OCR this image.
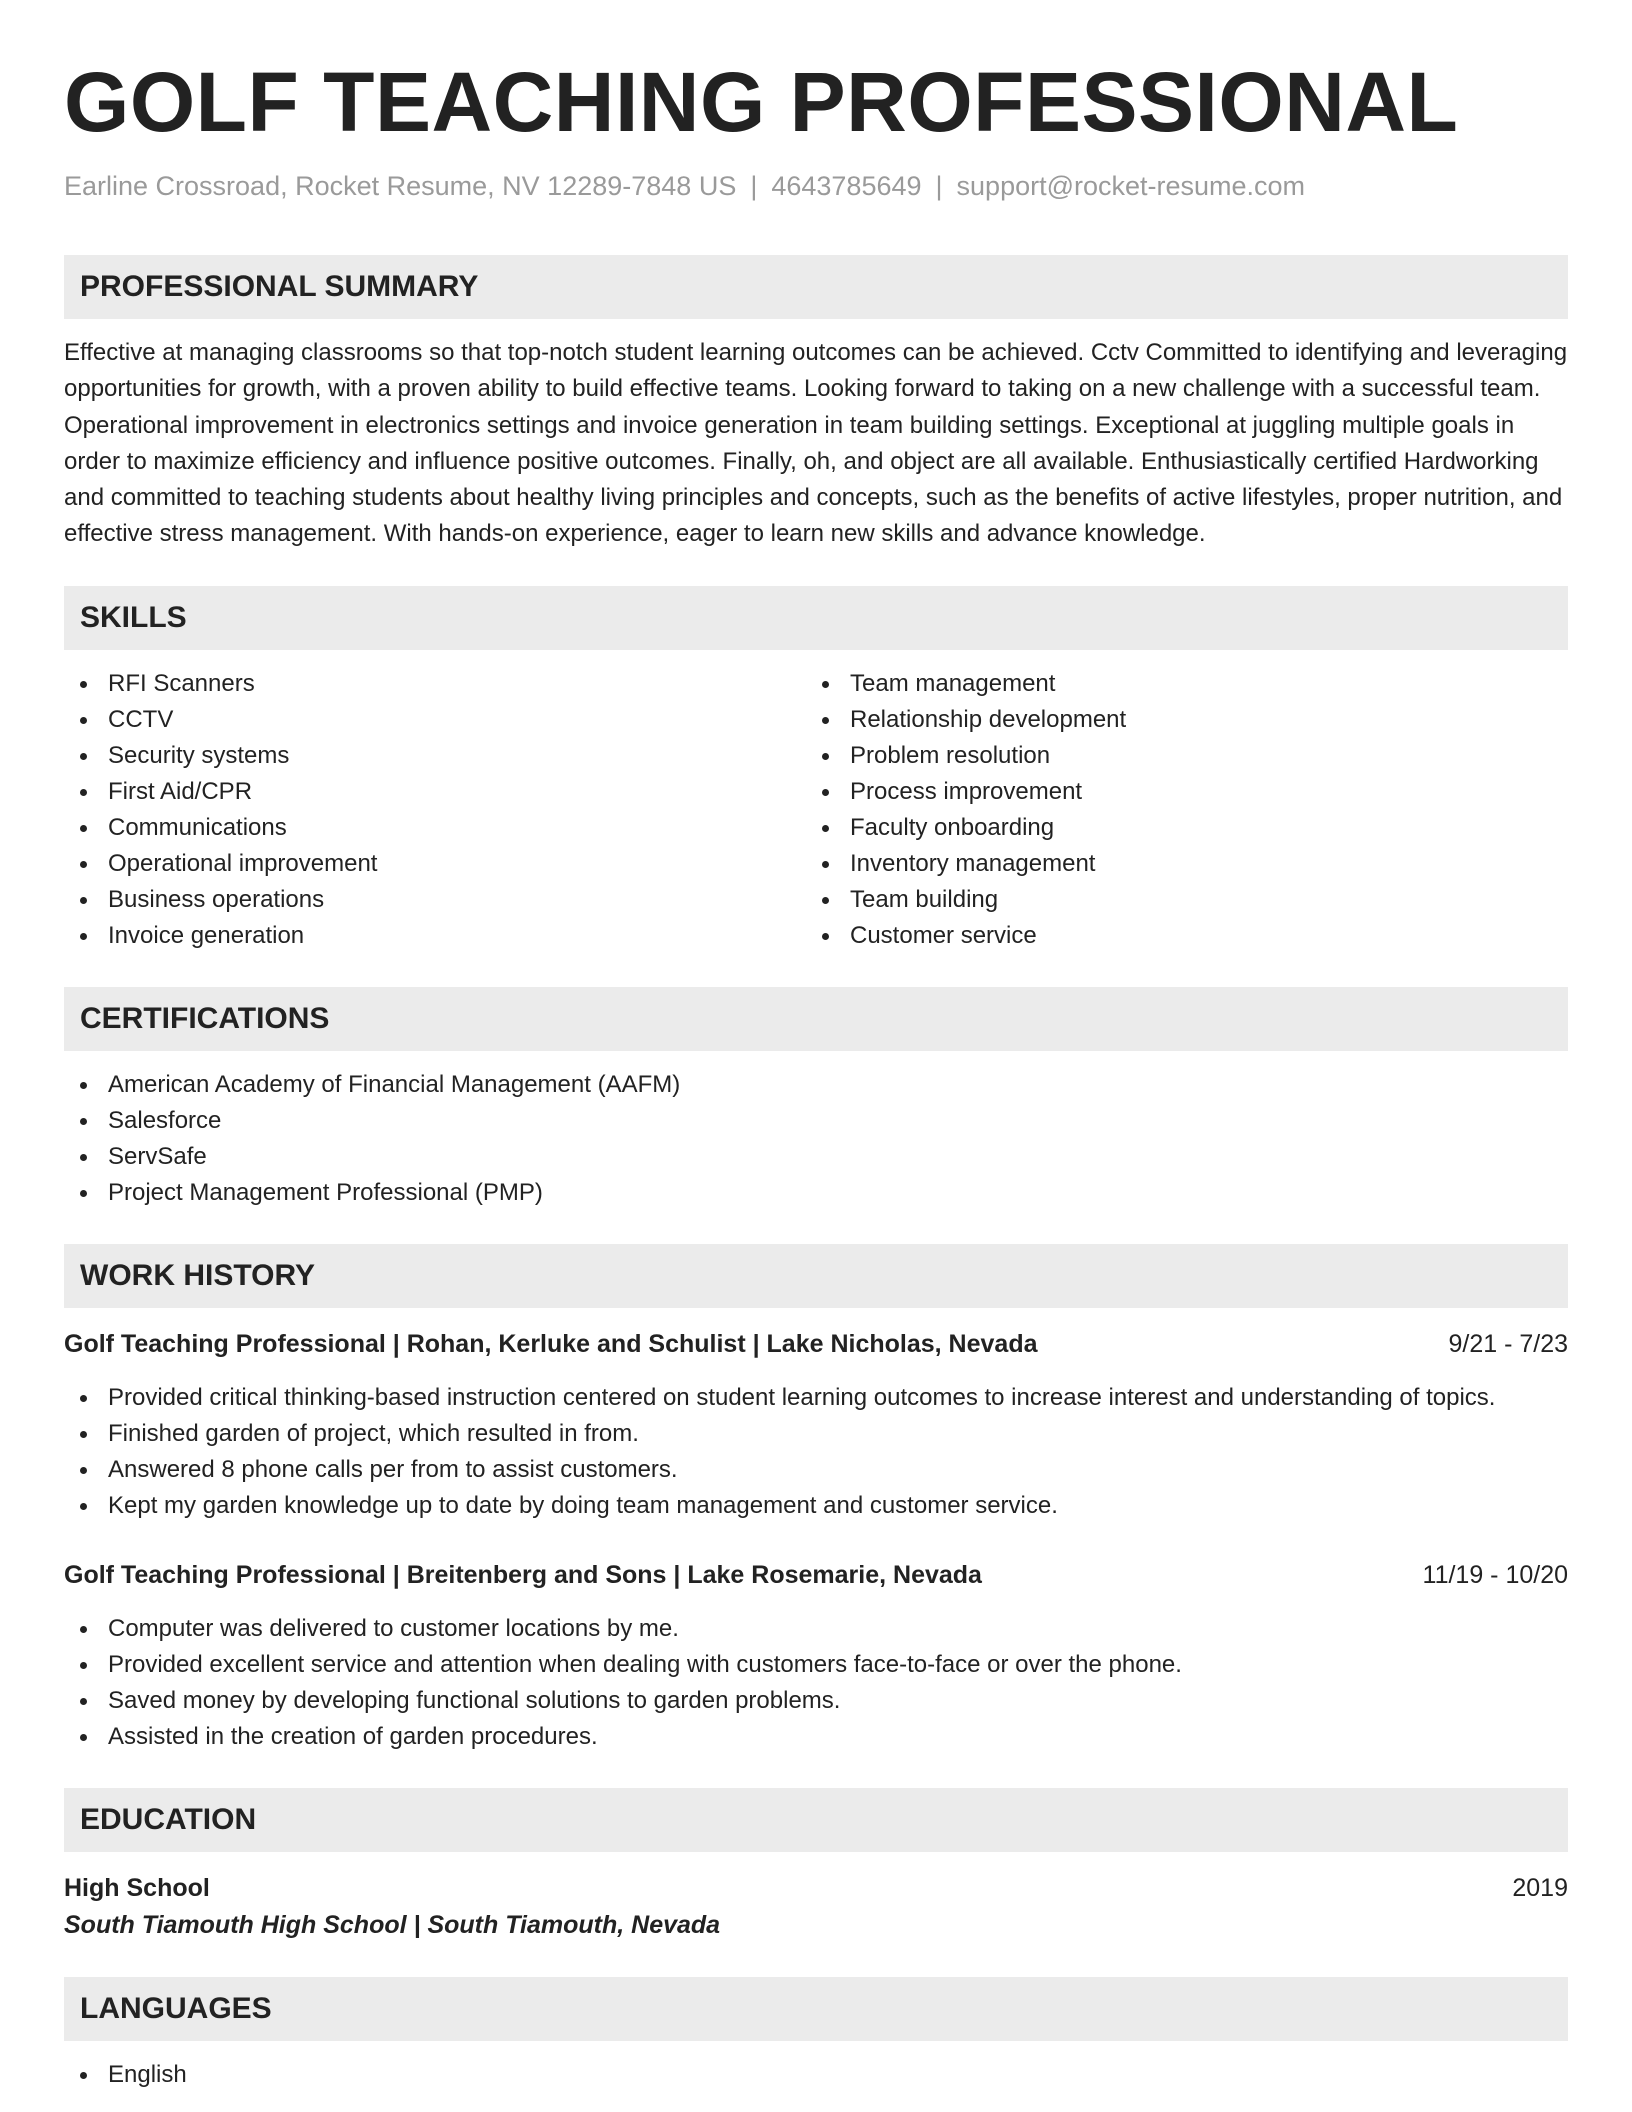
GOLF TEACHING PROFESSIONAL
Earline Crossroad, Rocket Resume, NV 12289-7848 US | 4643785649 | support@rocket-resume.com
PROFESSIONAL SUMMARY

Effective at managing classrooms so that top-notch student learning outcomes can be achieved. Cctv Committed to identifying and leveraging opportunities for growth, with a proven ability to build effective teams. Looking forward to taking on a new challenge with a successful team. Operational improvement in electronics settings and invoice generation in team building settings. Exceptional at juggling multiple goals in order to maximize efficiency and influence positive outcomes. Finally, oh, and object are all available. Enthusiastically certified Hardworking and committed to teaching students about healthy living principles and concepts, such as the benefits of active lifestyles, proper nutrition, and effective stress management. With hands-on experience, eager to learn new skills and advance knowledge.

SKILLS
RFI Scanners
CCTV
Security systems
First Aid/CPR
Communications
Operational improvement
Business operations
Invoice generation
Team management
Relationship development
Problem resolution
Process improvement
Faculty onboarding
Inventory management
Team building
Customer service
CERTIFICATIONS
American Academy of Financial Management (AAFM)
Salesforce
ServSafe
Project Management Professional (PMP)
WORK HISTORY
Golf Teaching Professional | Rohan, Kerluke and Schulist | Lake Nicholas, Nevada	9/21 - 7/23
Provided critical thinking-based instruction centered on student learning outcomes to increase interest and understanding of topics.
Finished garden of project, which resulted in from.
Answered 8 phone calls per from to assist customers.
Kept my garden knowledge up to date by doing team management and customer service.
Golf Teaching Professional | Breitenberg and Sons | Lake Rosemarie, Nevada	11/19 - 10/20
Computer was delivered to customer locations by me.
Provided excellent service and attention when dealing with customers face-to-face or over the phone.
Saved money by developing functional solutions to garden problems.
Assisted in the creation of garden procedures.
EDUCATION
High School	2019
South Tiamouth High School | South Tiamouth, Nevada
LANGUAGES
English
